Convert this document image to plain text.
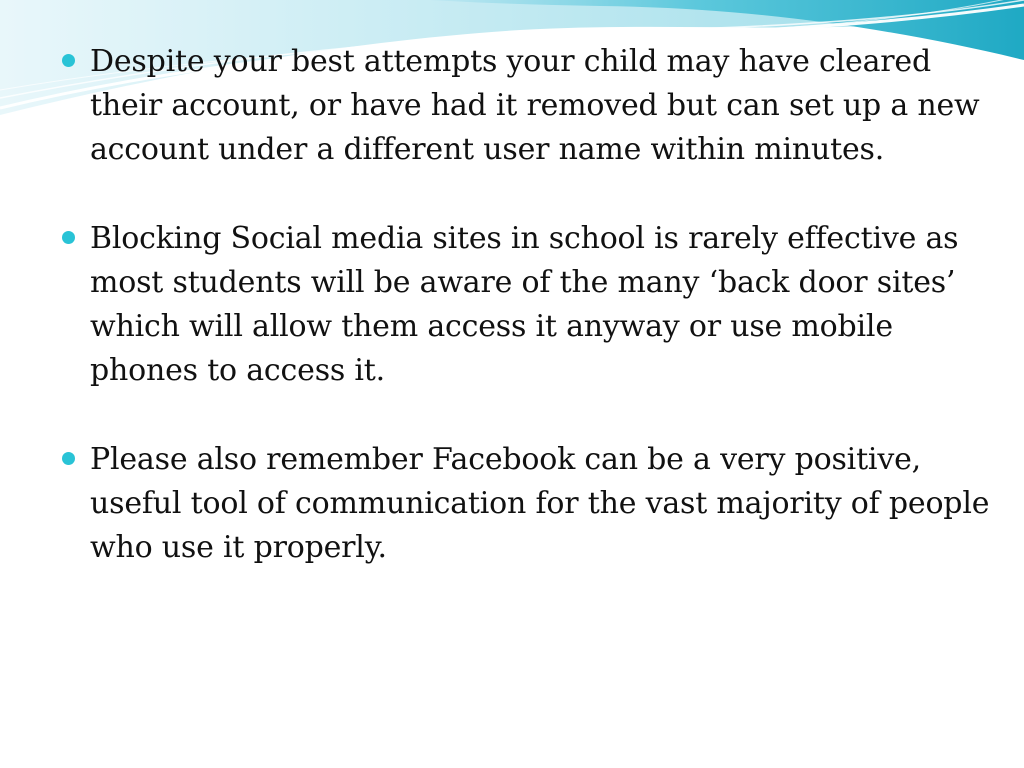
Despite your best attempts your child may have cleared their account, or have had it removed but can set up a new account under a different user name within minutes.
Blocking Social media sites in school is rarely effective as most students will be aware of the many ‘back door sites’ which will allow them access it anyway or use mobile phones to access it.
Please also remember Facebook can be a very positive, useful tool of communication for the vast majority of people who use it properly.
